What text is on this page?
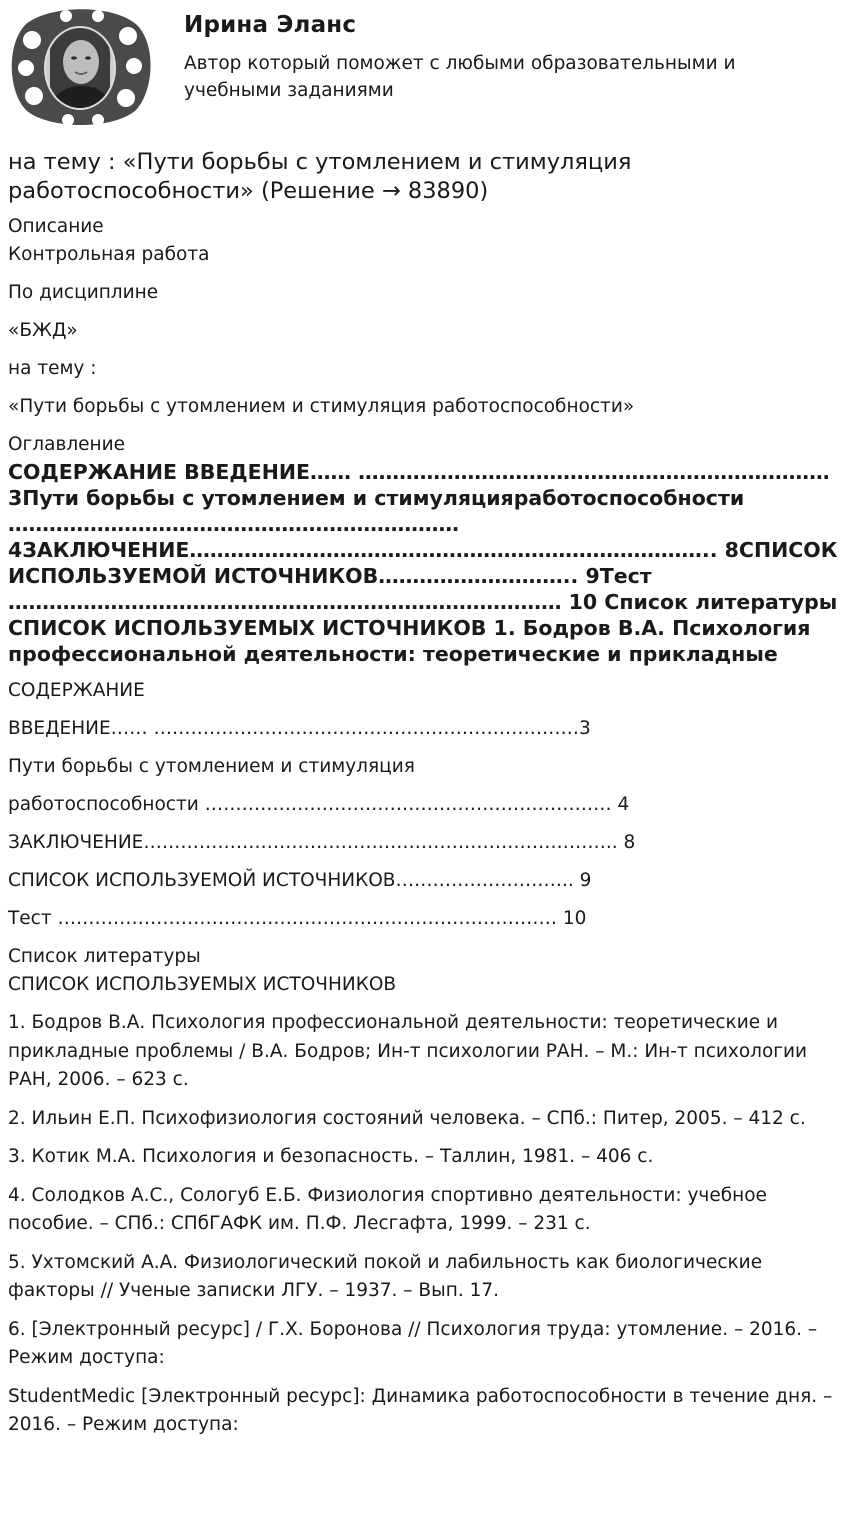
Ирина Эланс
Автор который поможет с любыми образовательными и учебными заданиями
на тему : «Пути борьбы с утомлением и стимуляция работоспособности» (Решение → 83890)
Описание
Контрольная работа
По дисциплине
«БЖД»
на тему :
«Пути борьбы с утомлением и стимуляция работоспособности»
Оглавление
СОДЕРЖАНИЕ ВВЕДЕНИЕ…… ……………………………………………………………3Пути борьбы с утомлением и стимуляцияработоспособности ………………………………………………………… 4ЗАКЛЮЧЕНИЕ………………………………………………………………….. 8СПИСОК ИСПОЛЬЗУЕМОЙ ИСТОЧНИКОВ……………………….. 9Тест ……………………………………………………………………… 10 Список литературы СПИСОК ИСПОЛЬЗУЕМЫХ ИСТОЧНИКОВ 1. Бодров В.А. Психология профессиональной деятельности: теоретические и прикладные
СОДЕРЖАНИЕ
ВВЕДЕНИЕ…… ……………………………………………………………3
Пути борьбы с утомлением и стимуляция
работоспособности ………………………………………………………… 4
ЗАКЛЮЧЕНИЕ………………………………………………………………….. 8
СПИСОК ИСПОЛЬЗУЕМОЙ ИСТОЧНИКОВ……………………….. 9
Тест ……………………………………………………………………… 10
Список литературы
СПИСОК ИСПОЛЬЗУЕМЫХ ИСТОЧНИКОВ
1. Бодров В.А. Психология профессиональной деятельности: теоретические и прикладные проблемы / В.А. Бодров; Ин-т психологии РАН. – М.: Ин-т психологии РАН, 2006. – 623 с.
2. Ильин Е.П. Психофизиология состояний человека. – СПб.: Питер, 2005. – 412 с.
3. Котик М.А. Психология и безопасность. – Таллин, 1981. – 406 с.
4. Солодков А.С., Сологуб Е.Б. Физиология спортивно деятельности: учебное пособие. – СПб.: СПбГАФК им. П.Ф. Лесгафта, 1999. – 231 с.
5. Ухтомский А.А. Физиологический покой и лабильность как биологические факторы // Ученые записки ЛГУ. – 1937. – Вып. 17.
6. [Электронный ресурс] / Г.Х. Боронова // Психология труда: утомление. – 2016. – Режим доступа:
StudentMedic [Электронный ресурс]: Динамика работоспособности в течение дня. – 2016. – Режим доступа:
